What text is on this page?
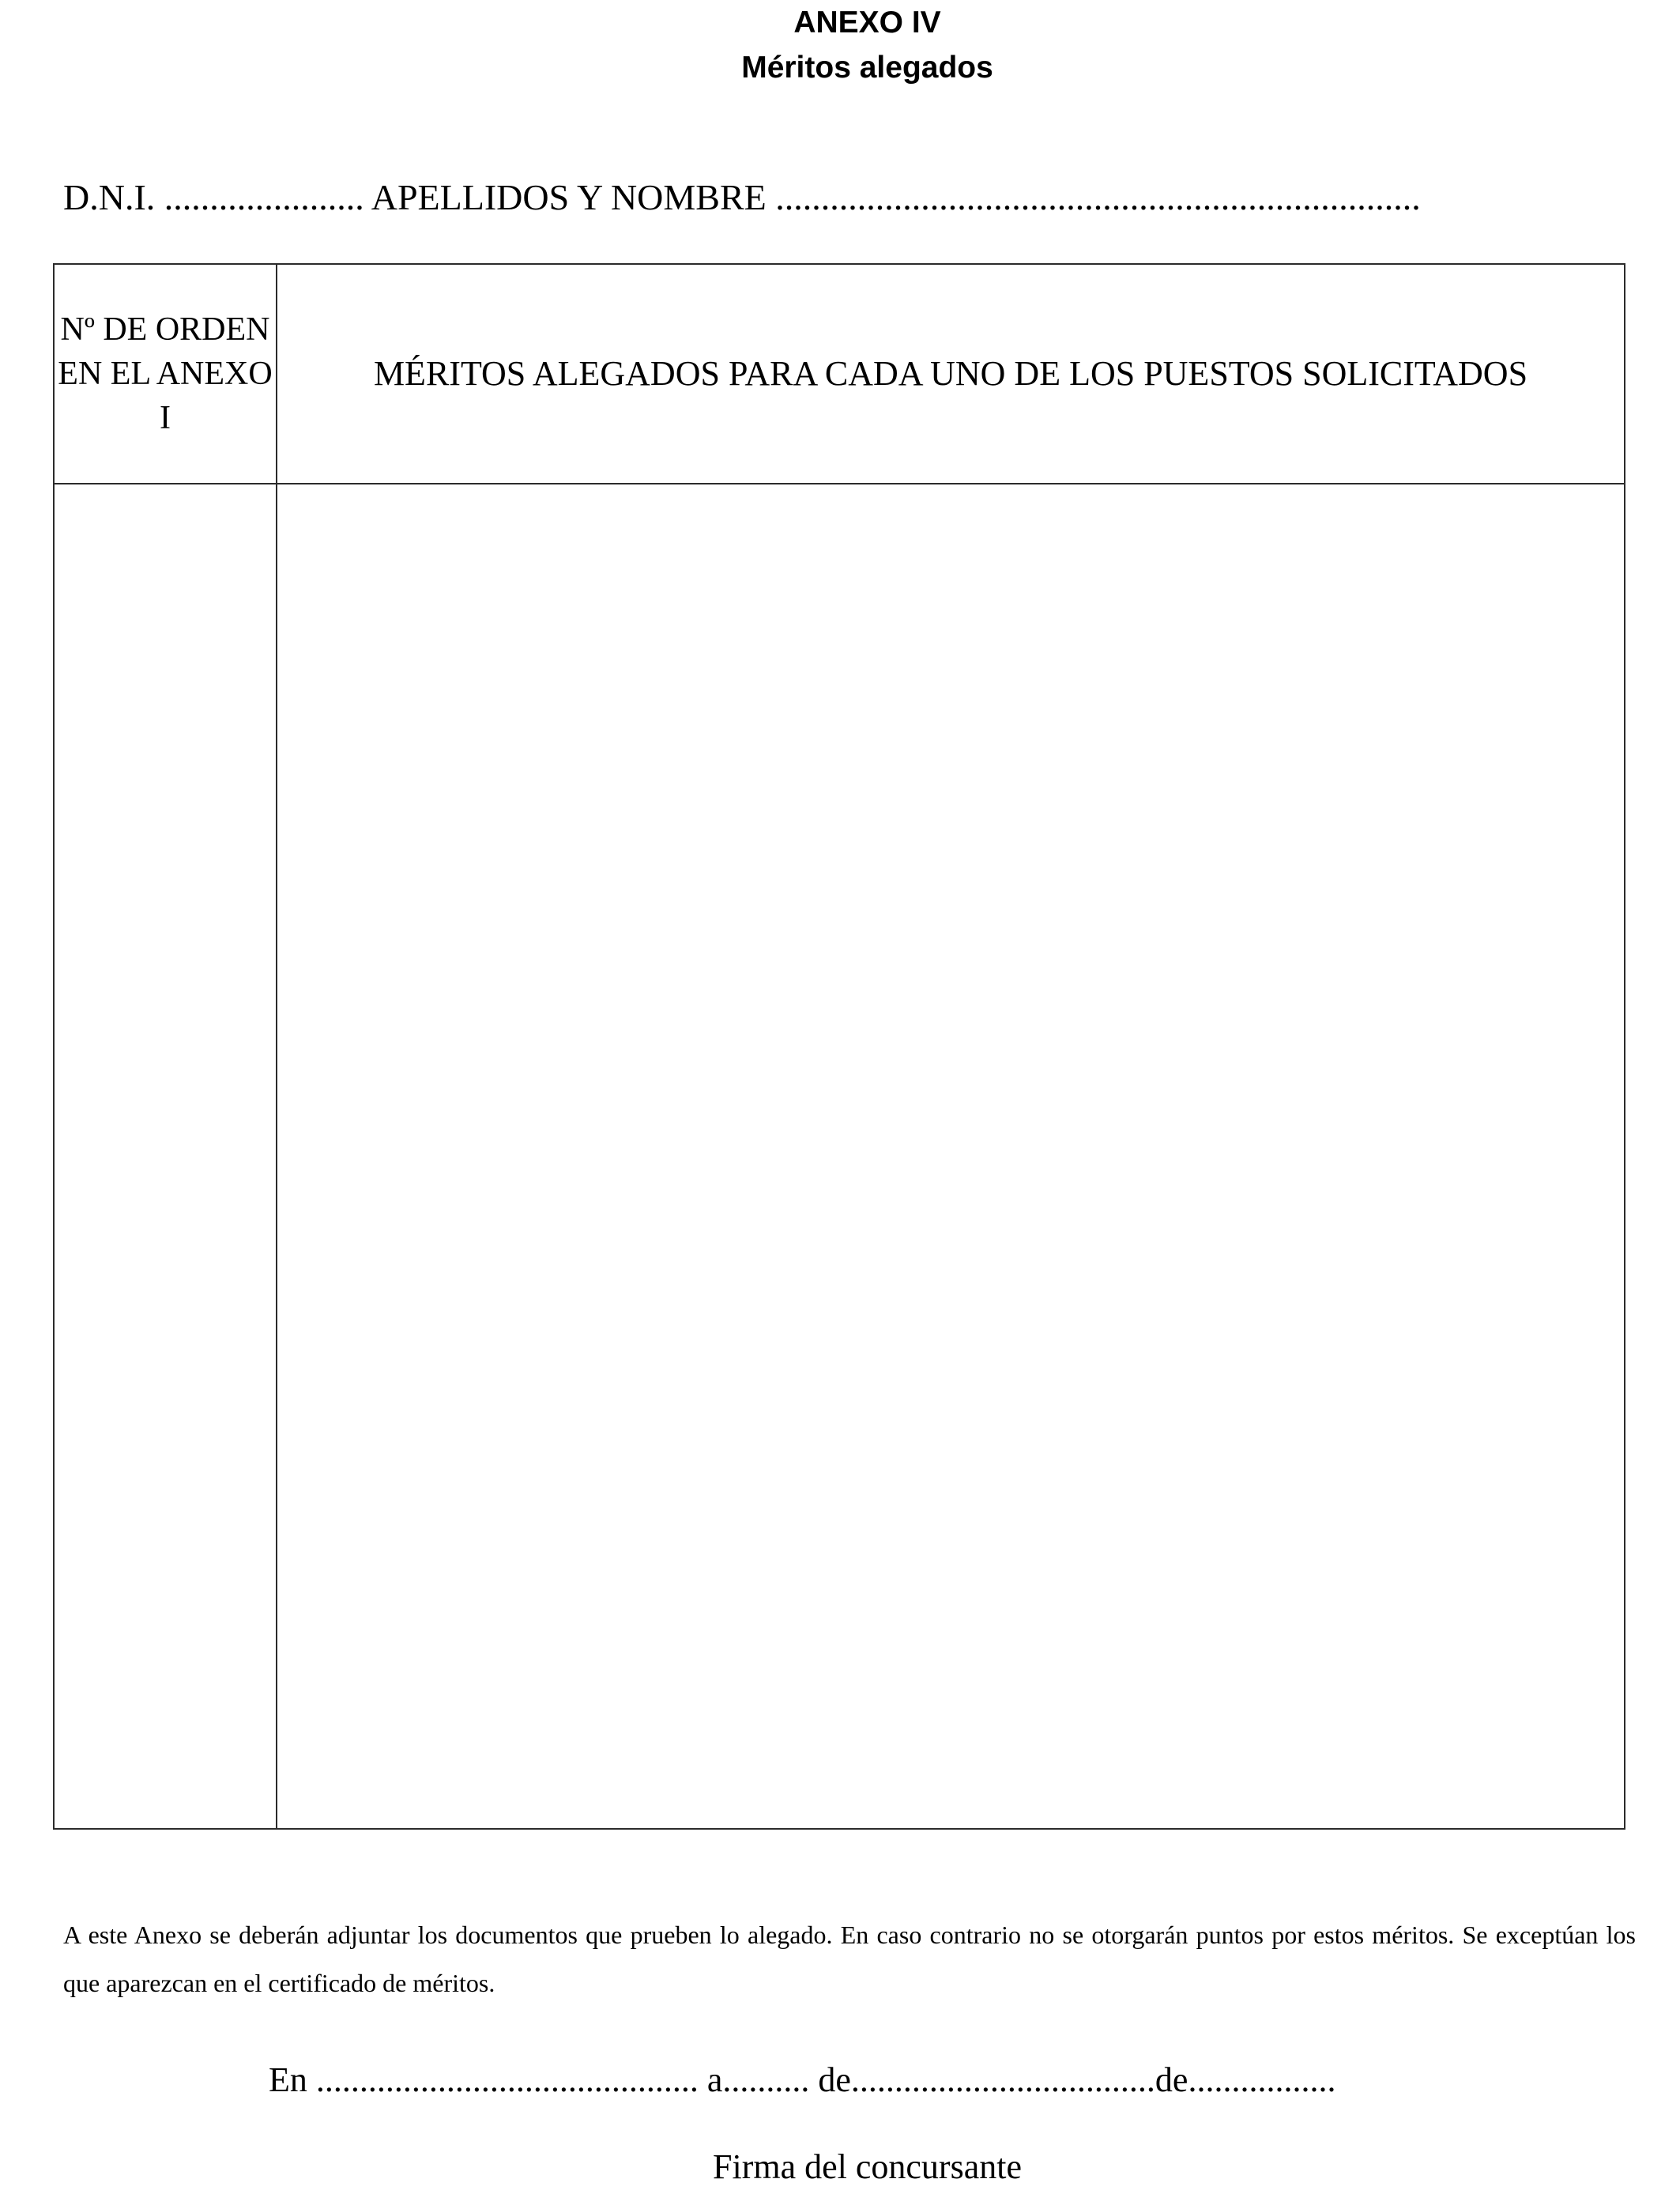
ANEXO IV
Méritos alegados
D.N.I. ...................... APELLIDOS Y NOMBRE .......................................................................
Nº DE ORDEN EN EL ANEXO I	MÉRITOS ALEGADOS PARA CADA UNO DE LOS PUESTOS SOLICITADOS

A este Anexo se deberán adjuntar los documentos que prueben lo alegado. En caso contrario no se otorgarán puntos por estos méritos. Se exceptúan los que aparezcan en el certificado de méritos.
En ............................................ a.......... de...................................de.................
Firma del concursante
